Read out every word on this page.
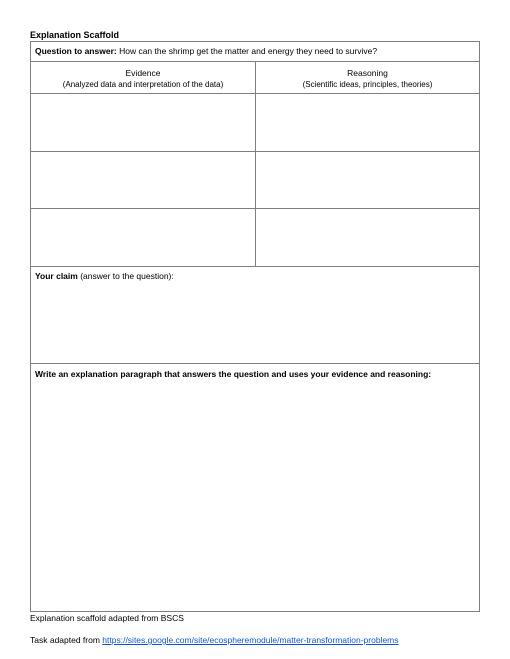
Explanation Scaffold
Question to answer: How can the shrimp get the matter and energy they need to survive?
Evidence
(Analyzed data and interpretation of the data)
Reasoning
(Scientific ideas, principles, theories)
Your claim (answer to the question):
Write an explanation paragraph that answers the question and uses your evidence and reasoning:
Explanation scaffold adapted from BSCS
Task adapted from https://sites.google.com/site/ecospheremodule/matter-transformation-problems
